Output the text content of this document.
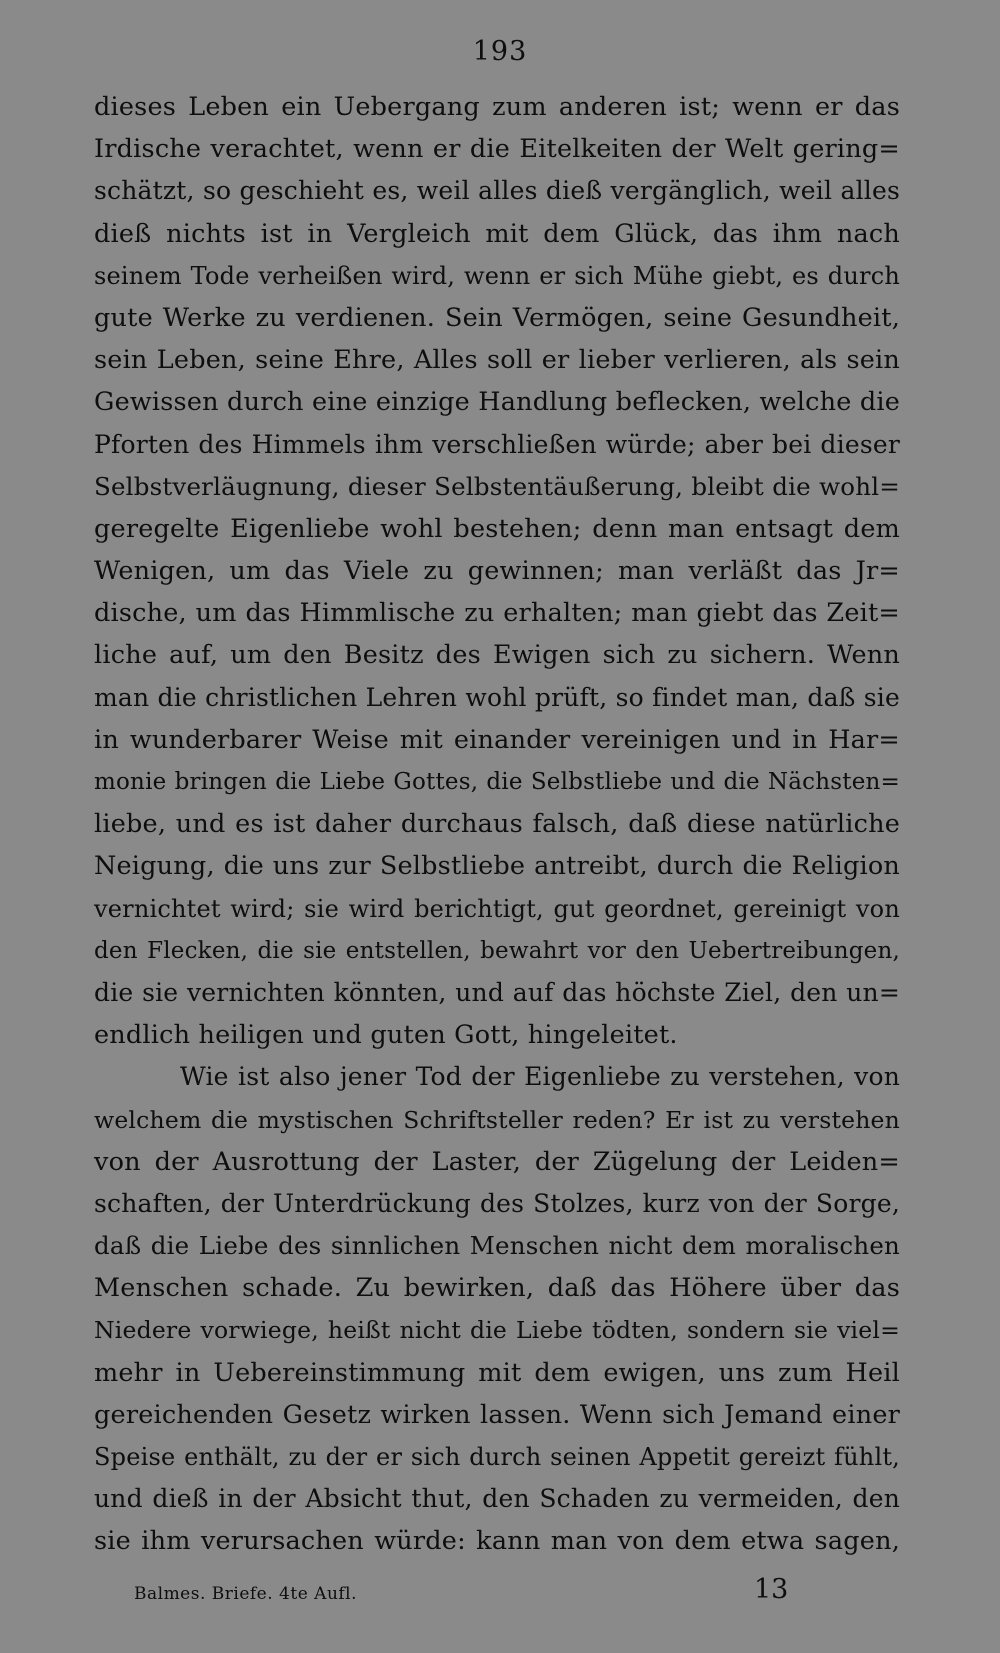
193
dieses Leben ein Uebergang zum anderen ist; wenn er das
Irdische verachtet, wenn er die Eitelkeiten der Welt gering=
schätzt, so geschieht es, weil alles dieß vergänglich, weil alles
dieß nichts ist in Vergleich mit dem Glück, das ihm nach
seinem Tode verheißen wird, wenn er sich Mühe giebt, es durch
gute Werke zu verdienen. Sein Vermögen, seine Gesundheit,
sein Leben, seine Ehre, Alles soll er lieber verlieren, als sein
Gewissen durch eine einzige Handlung beflecken, welche die
Pforten des Himmels ihm verschließen würde; aber bei dieser
Selbstverläugnung, dieser Selbstentäußerung, bleibt die wohl=
geregelte Eigenliebe wohl bestehen; denn man entsagt dem
Wenigen, um das Viele zu gewinnen; man verläßt das Jr=
dische, um das Himmlische zu erhalten; man giebt das Zeit=
liche auf, um den Besitz des Ewigen sich zu sichern. Wenn
man die christlichen Lehren wohl prüft, so findet man, daß sie
in wunderbarer Weise mit einander vereinigen und in Har=
monie bringen die Liebe Gottes, die Selbstliebe und die Nächsten=
liebe, und es ist daher durchaus falsch, daß diese natürliche
Neigung, die uns zur Selbstliebe antreibt, durch die Religion
vernichtet wird; sie wird berichtigt, gut geordnet, gereinigt von
den Flecken, die sie entstellen, bewahrt vor den Uebertreibungen,
die sie vernichten könnten, und auf das höchste Ziel, den un=
endlich heiligen und guten Gott, hingeleitet.
Wie ist also jener Tod der Eigenliebe zu verstehen, von
welchem die mystischen Schriftsteller reden? Er ist zu verstehen
von der Ausrottung der Laster, der Zügelung der Leiden=
schaften, der Unterdrückung des Stolzes, kurz von der Sorge,
daß die Liebe des sinnlichen Menschen nicht dem moralischen
Menschen schade. Zu bewirken, daß das Höhere über das
Niedere vorwiege, heißt nicht die Liebe tödten, sondern sie viel=
mehr in Uebereinstimmung mit dem ewigen, uns zum Heil
gereichenden Gesetz wirken lassen. Wenn sich Jemand einer
Speise enthält, zu der er sich durch seinen Appetit gereizt fühlt,
und dieß in der Absicht thut, den Schaden zu vermeiden, den
sie ihm verursachen würde: kann man von dem etwa sagen,
Balmes. Briefe. 4te Aufl.	13
